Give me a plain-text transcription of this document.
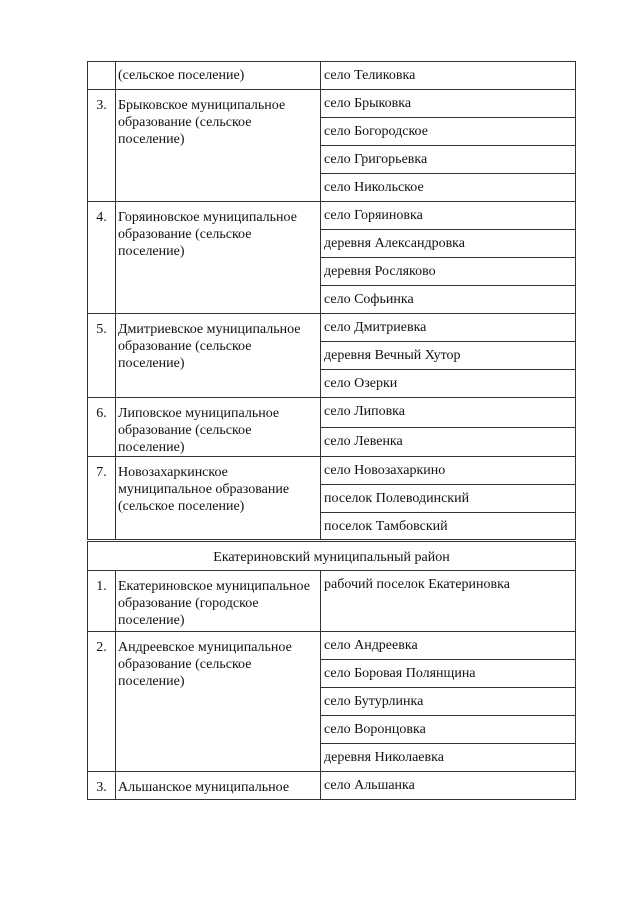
	(сельское поселение)	село Теликовка
3.	Брыковское муниципальное образование (сельское поселение)	село Брыковка
		село Богородское
		село Григорьевка
		село Никольское
4.	Горяиновское муниципальное образование (сельское поселение)	село Горяиновка
		деревня Александровка
		деревня Росляково
		село Софьинка
5.	Дмитриевское муниципальное образование (сельское поселение)	село Дмитриевка
		деревня Вечный Хутор
		село Озерки
6.	Липовское муниципальное образование (сельское поселение)	село Липовка
		село Левенка
7.	Новозахаркинское муниципальное образование (сельское поселение)	село Новозахаркино
		поселок Полеводинский
		поселок Тамбовский
Екатериновский муниципальный район		
1.	Екатериновское муниципальное образование (городское поселение)	рабочий поселок Екатериновка
2.	Андреевское муниципальное образование (сельское поселение)	село Андреевка
		село Боровая Полянщина
		село Бутурлинка
		село Воронцовка
		деревня Николаевка
3.	Альшанское муниципальное	село Альшанка
